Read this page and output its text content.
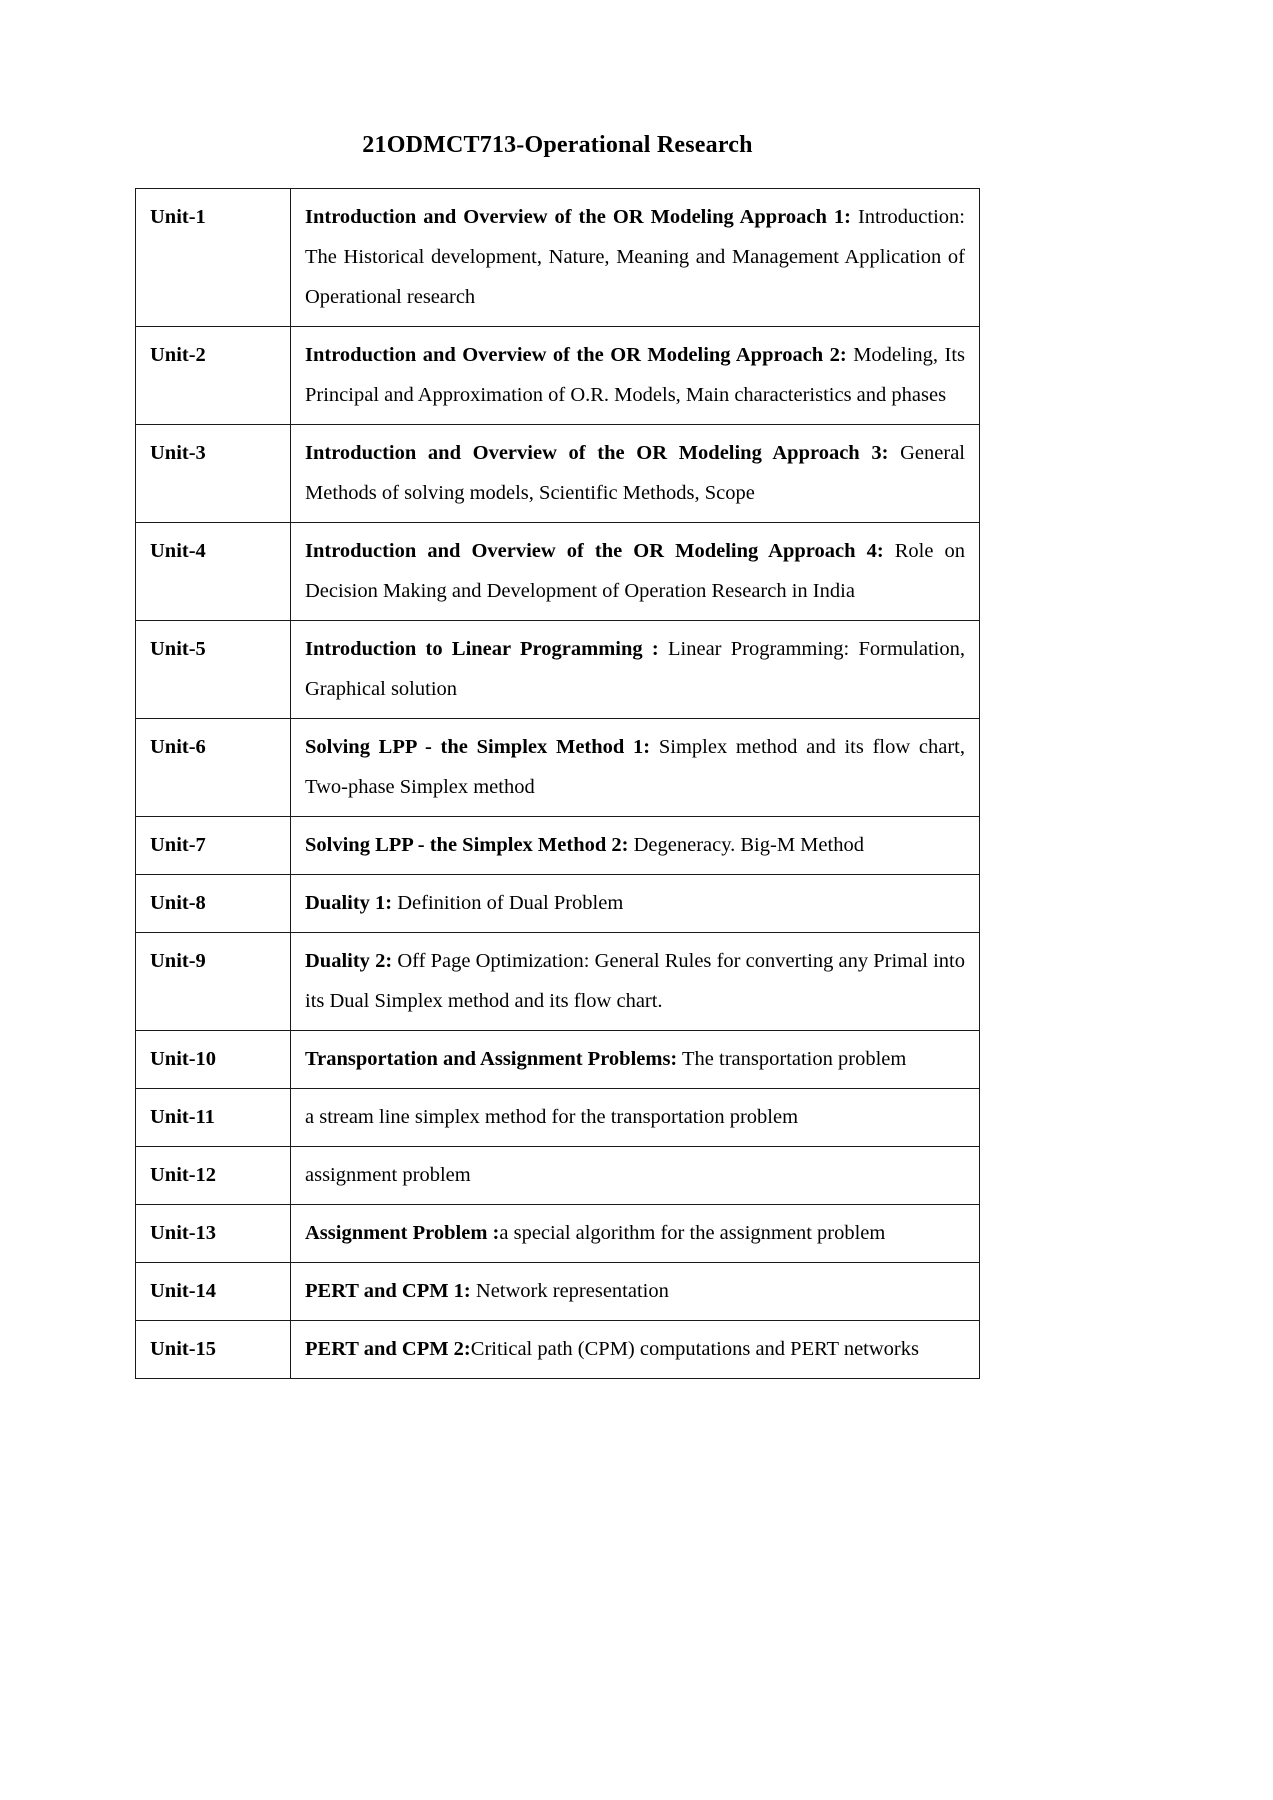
21ODMCT713-Operational Research
Unit-1	Introduction and Overview of the OR Modeling Approach 1: Introduction: The Historical development, Nature, Meaning and Management Application of Operational research
Unit-2	Introduction and Overview of the OR Modeling Approach 2: Modeling, Its Principal and Approximation of O.R. Models, Main characteristics and phases
Unit-3	Introduction and Overview of the OR Modeling Approach 3: General Methods of solving models, Scientific Methods, Scope
Unit-4	Introduction and Overview of the OR Modeling Approach 4: Role on Decision Making and Development of Operation Research in India
Unit-5	Introduction to Linear Programming : Linear Programming: Formulation, Graphical solution
Unit-6	Solving LPP - the Simplex Method 1: Simplex method and its flow chart, Two-phase Simplex method
Unit-7	Solving LPP - the Simplex Method 2: Degeneracy. Big-M Method
Unit-8	Duality 1: Definition of Dual Problem
Unit-9	Duality 2: Off Page Optimization: General Rules for converting any Primal into its Dual Simplex method and its flow chart.
Unit-10	Transportation and Assignment Problems: The transportation problem
Unit-11	a stream line simplex method for the transportation problem
Unit-12	assignment problem
Unit-13	Assignment Problem :a special algorithm for the assignment problem
Unit-14	PERT and CPM 1: Network representation
Unit-15	PERT and CPM 2:Critical path (CPM) computations and PERT networks
